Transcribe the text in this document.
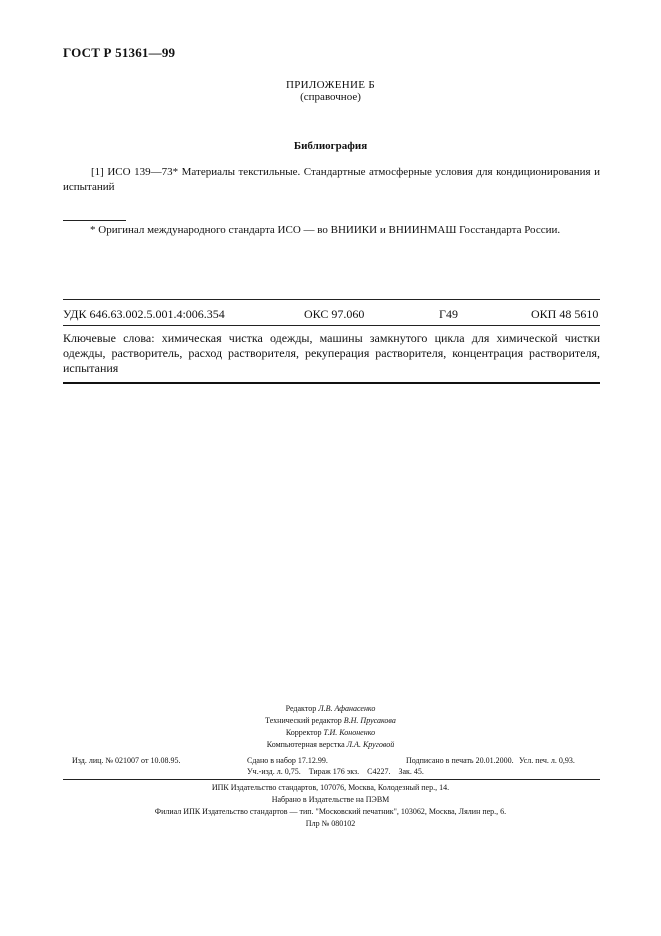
ГОСТ Р 51361—99
ПРИЛОЖЕНИЕ Б
(справочное)
Библиография
[1] ИСО 139—73* Материалы текстильные. Стандартные атмосферные условия для кондиционирования и испытаний
* Оригинал международного стандарта ИСО — во ВНИИКИ и ВНИИНМАШ Госстандарта России.
УДК 646.63.002.5.001.4:006.354	ОКС 97.060	Г49	ОКП 48 5610
Ключевые слова: химическая чистка одежды, машины замкнутого цикла для химической чистки одежды, растворитель, расход растворителя, рекуперация растворителя, концентрация растворителя, испытания
Редактор Л.В. Афанасенко
Технический редактор В.Н. Прусакова
Корректор Т.И. Кононенко
Компьютерная верстка Л.А. Круговой
Изд. лиц. № 021007 от 10.08.95.	Сдано в набор 17.12.99.	Подписано в печать 20.01.2000. Усл. печ. л. 0,93.
Уч.-изд. л. 0,75.    Тираж 176 экз.    С4227.    Зак. 45.
ИПК Издательство стандартов, 107076, Москва, Колодезный пер., 14.
Набрано в Издательстве на ПЭВМ
Филиал ИПК Издательство стандартов — тип. "Московский печатник", 103062, Москва, Лялин пер., 6.
Плр № 080102
